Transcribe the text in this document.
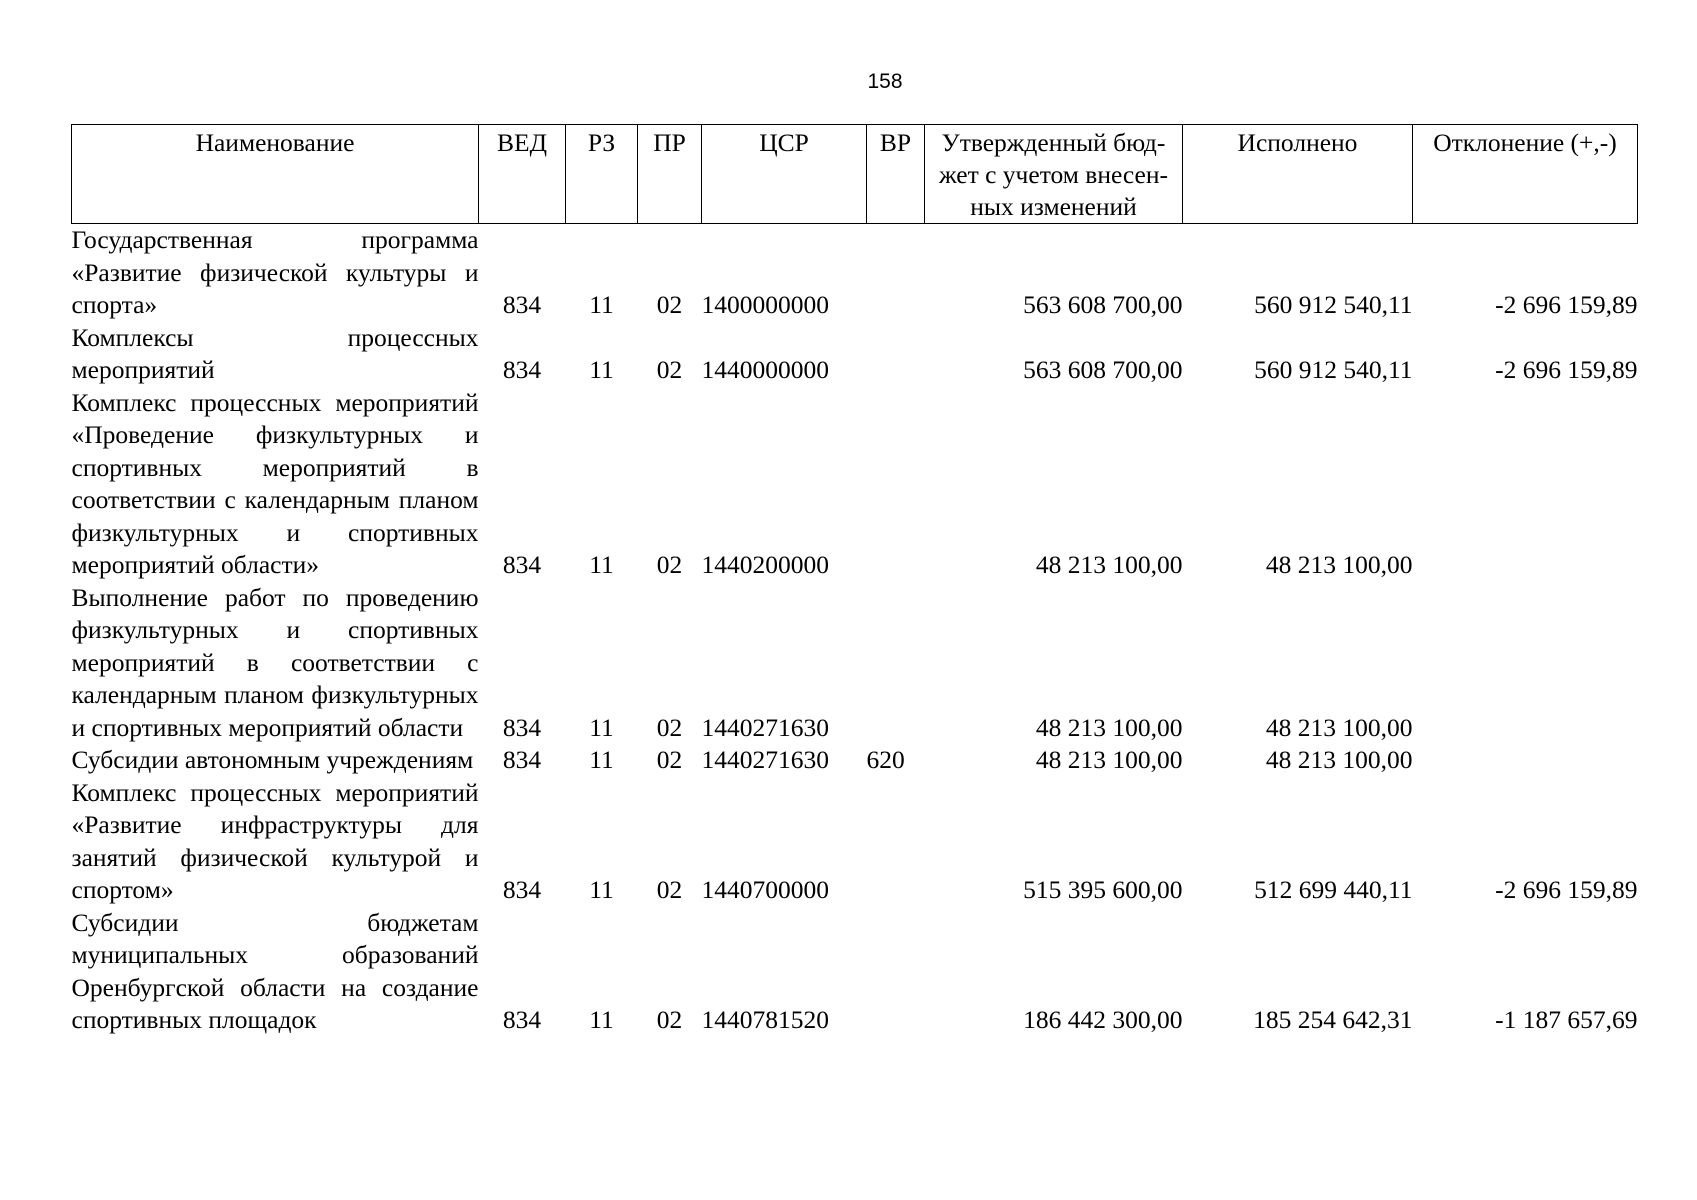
158
Наименование	ВЕД	РЗ	ПР	ЦСР	ВР	Утвержденный бюд-жет с учетом внесен-ных изменений	Исполнено	Отклонение (+,-)
Государственная программа «Развитие физической культуры и спорта»	834	11	02	1400000000		563 608 700,00	560 912 540,11	-2 696 159,89
Комплексы процессных мероприятий	834	11	02	1440000000		563 608 700,00	560 912 540,11	-2 696 159,89
Комплекс процессных мероприятий «Проведение физкультурных и спортивных мероприятий в соответствии с календарным планом физкультурных и спортивных мероприятий области»	834	11	02	1440200000		48 213 100,00	48 213 100,00	
Выполнение работ по проведению физкультурных и спортивных мероприятий в соответствии с календарным планом физкультурных и спортивных мероприятий области	834	11	02	1440271630		48 213 100,00	48 213 100,00	
Субсидии автономным учреждениям	834	11	02	1440271630	620	48 213 100,00	48 213 100,00	
Комплекс процессных мероприятий «Развитие инфраструктуры для занятий физической культурой и спортом»	834	11	02	1440700000		515 395 600,00	512 699 440,11	-2 696 159,89
Субсидии бюджетам муниципальных образований Оренбургской области на создание спортивных площадок	834	11	02	1440781520		186 442 300,00	185 254 642,31	-1 187 657,69
